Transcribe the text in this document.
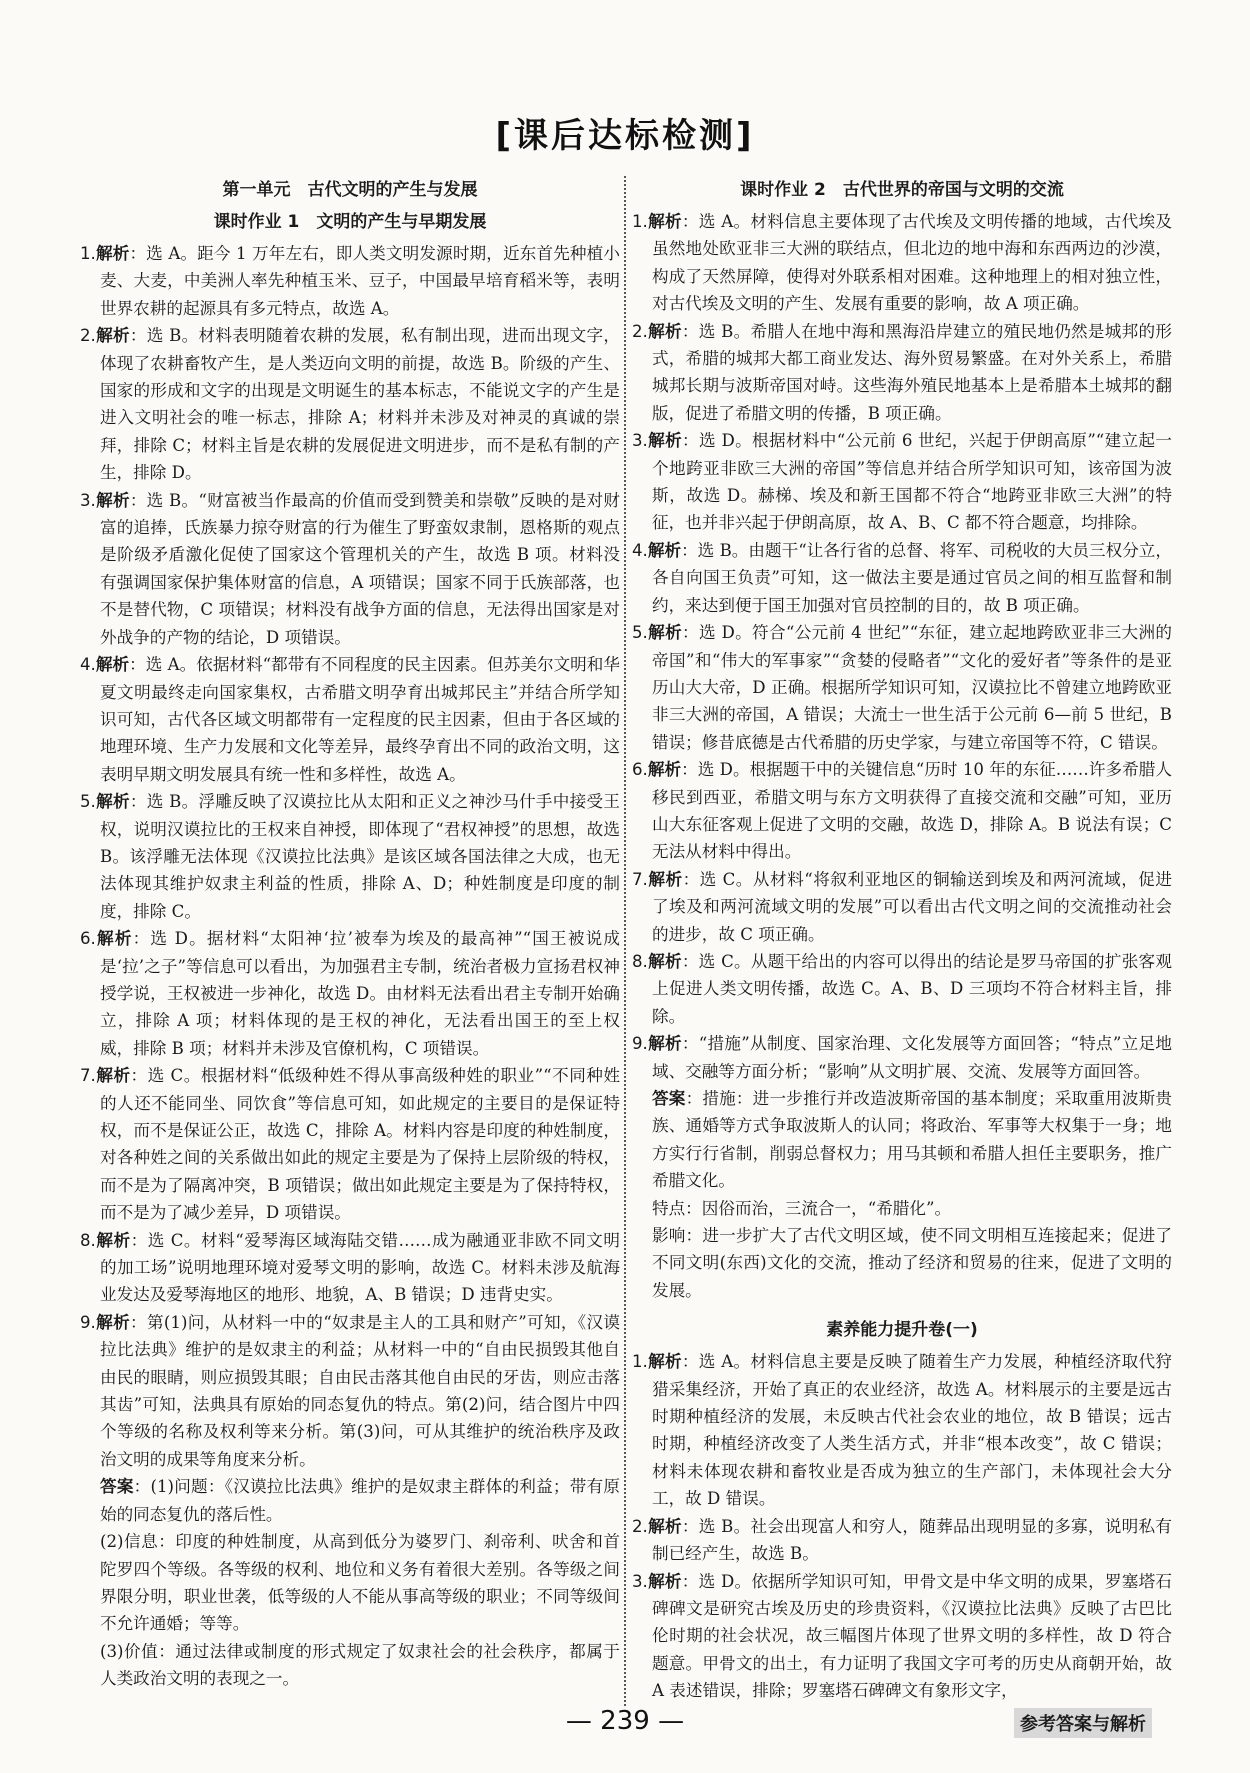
[课后达标检测]
第一单元　古代文明的产生与发展
课时作业 1　文明的产生与早期发展

1.解析：选 A。距今 1 万年左右，即人类文明发源时期，近东首先种植小麦、大麦，中美洲人率先种植玉米、豆子，中国最早培育稻米等，表明世界农耕的起源具有多元特点，故选 A。

2.解析：选 B。材料表明随着农耕的发展，私有制出现，进而出现文字，体现了农耕畜牧产生，是人类迈向文明的前提，故选 B。阶级的产生、国家的形成和文字的出现是文明诞生的基本标志，不能说文字的产生是进入文明社会的唯一标志，排除 A；材料并未涉及对神灵的真诚的崇拜，排除 C；材料主旨是农耕的发展促进文明进步，而不是私有制的产生，排除 D。

3.解析：选 B。“财富被当作最高的价值而受到赞美和崇敬”反映的是对财富的追捧，氏族暴力掠夺财富的行为催生了野蛮奴隶制，恩格斯的观点是阶级矛盾激化促使了国家这个管理机关的产生，故选 B 项。材料没有强调国家保护集体财富的信息，A 项错误；国家不同于氏族部落，也不是替代物，C 项错误；材料没有战争方面的信息，无法得出国家是对外战争的产物的结论，D 项错误。

4.解析：选 A。依据材料“都带有不同程度的民主因素。但苏美尔文明和华夏文明最终走向国家集权，古希腊文明孕育出城邦民主”并结合所学知识可知，古代各区域文明都带有一定程度的民主因素，但由于各区域的地理环境、生产力发展和文化等差异，最终孕育出不同的政治文明，这表明早期文明发展具有统一性和多样性，故选 A。

5.解析：选 B。浮雕反映了汉谟拉比从太阳和正义之神沙马什手中接受王权，说明汉谟拉比的王权来自神授，即体现了“君权神授”的思想，故选 B。该浮雕无法体现《汉谟拉比法典》是该区域各国法律之大成，也无法体现其维护奴隶主利益的性质，排除 A、D；种姓制度是印度的制度，排除 C。

6.解析：选 D。据材料“太阳神‘拉’被奉为埃及的最高神”“国王被说成是‘拉’之子”等信息可以看出，为加强君主专制，统治者极力宣扬君权神授学说，王权被进一步神化，故选 D。由材料无法看出君主专制开始确立，排除 A 项；材料体现的是王权的神化，无法看出国王的至上权威，排除 B 项；材料并未涉及官僚机构，C 项错误。

7.解析：选 C。根据材料“低级种姓不得从事高级种姓的职业”“不同种姓的人还不能同坐、同饮食”等信息可知，如此规定的主要目的是保证特权，而不是保证公正，故选 C，排除 A。材料内容是印度的种姓制度，对各种姓之间的关系做出如此的规定主要是为了保持上层阶级的特权，而不是为了隔离冲突，B 项错误；做出如此规定主要是为了保持特权，而不是为了减少差异，D 项错误。

8.解析：选 C。材料“爱琴海区域海陆交错……成为融通亚非欧不同文明的加工场”说明地理环境对爱琴文明的影响，故选 C。材料未涉及航海业发达及爱琴海地区的地形、地貌，A、B 错误；D 违背史实。

9.解析：第(1)问，从材料一中的“奴隶是主人的工具和财产”可知，《汉谟拉比法典》维护的是奴隶主的利益；从材料一中的“自由民损毁其他自由民的眼睛，则应损毁其眼；自由民击落其他自由民的牙齿，则应击落其齿”可知，法典具有原始的同态复仇的特点。第(2)问，结合图片中四个等级的名称及权利等来分析。第(3)问，可从其维护的统治秩序及政治文明的成果等角度来分析。

答案：(1)问题：《汉谟拉比法典》维护的是奴隶主群体的利益；带有原始的同态复仇的落后性。

(2)信息：印度的种姓制度，从高到低分为婆罗门、刹帝利、吠舍和首陀罗四个等级。各等级的权利、地位和义务有着很大差别。各等级之间界限分明，职业世袭，低等级的人不能从事高等级的职业；不同等级间不允许通婚；等等。

(3)价值：通过法律或制度的形式规定了奴隶社会的社会秩序，都属于人类政治文明的表现之一。

课时作业 2　古代世界的帝国与文明的交流

1.解析：选 A。材料信息主要体现了古代埃及文明传播的地域，古代埃及虽然地处欧亚非三大洲的联结点，但北边的地中海和东西两边的沙漠，构成了天然屏障，使得对外联系相对困难。这种地理上的相对独立性，对古代埃及文明的产生、发展有重要的影响，故 A 项正确。

2.解析：选 B。希腊人在地中海和黑海沿岸建立的殖民地仍然是城邦的形式，希腊的城邦大都工商业发达、海外贸易繁盛。在对外关系上，希腊城邦长期与波斯帝国对峙。这些海外殖民地基本上是希腊本土城邦的翻版，促进了希腊文明的传播，B 项正确。

3.解析：选 D。根据材料中“公元前 6 世纪，兴起于伊朗高原”“建立起一个地跨亚非欧三大洲的帝国”等信息并结合所学知识可知，该帝国为波斯，故选 D。赫梯、埃及和新王国都不符合“地跨亚非欧三大洲”的特征，也并非兴起于伊朗高原，故 A、B、C 都不符合题意，均排除。

4.解析：选 B。由题干“让各行省的总督、将军、司税收的大员三权分立，各自向国王负责”可知，这一做法主要是通过官员之间的相互监督和制约，来达到便于国王加强对官员控制的目的，故 B 项正确。

5.解析：选 D。符合“公元前 4 世纪”“东征，建立起地跨欧亚非三大洲的帝国”和“伟大的军事家”“贪婪的侵略者”“文化的爱好者”等条件的是亚历山大大帝，D 正确。根据所学知识可知，汉谟拉比不曾建立地跨欧亚非三大洲的帝国，A 错误；大流士一世生活于公元前 6—前 5 世纪，B 错误；修昔底德是古代希腊的历史学家，与建立帝国等不符，C 错误。

6.解析：选 D。根据题干中的关键信息“历时 10 年的东征……许多希腊人移民到西亚，希腊文明与东方文明获得了直接交流和交融”可知，亚历山大东征客观上促进了文明的交融，故选 D，排除 A。B 说法有误；C 无法从材料中得出。

7.解析：选 C。从材料“将叙利亚地区的铜输送到埃及和两河流域，促进了埃及和两河流域文明的发展”可以看出古代文明之间的交流推动社会的进步，故 C 项正确。

8.解析：选 C。从题干给出的内容可以得出的结论是罗马帝国的扩张客观上促进人类文明传播，故选 C。A、B、D 三项均不符合材料主旨，排除。

9.解析：“措施”从制度、国家治理、文化发展等方面回答；“特点”立足地域、交融等方面分析；“影响”从文明扩展、交流、发展等方面回答。

答案：措施：进一步推行并改造波斯帝国的基本制度；采取重用波斯贵族、通婚等方式争取波斯人的认同；将政治、军事等大权集于一身；地方实行行省制，削弱总督权力；用马其顿和希腊人担任主要职务，推广希腊文化。

特点：因俗而治，三流合一，“希腊化”。

影响：进一步扩大了古代文明区域，使不同文明相互连接起来；促进了不同文明(东西)文化的交流，推动了经济和贸易的往来，促进了文明的发展。

素养能力提升卷(一)

1.解析：选 A。材料信息主要是反映了随着生产力发展，种植经济取代狩猎采集经济，开始了真正的农业经济，故选 A。材料展示的主要是远古时期种植经济的发展，未反映古代社会农业的地位，故 B 错误；远古时期，种植经济改变了人类生活方式，并非“根本改变”，故 C 错误；材料未体现农耕和畜牧业是否成为独立的生产部门，未体现社会大分工，故 D 错误。

2.解析：选 B。社会出现富人和穷人，随葬品出现明显的多寡，说明私有制已经产生，故选 B。

3.解析：选 D。依据所学知识可知，甲骨文是中华文明的成果，罗塞塔石碑碑文是研究古埃及历史的珍贵资料，《汉谟拉比法典》反映了古巴比伦时期的社会状况，故三幅图片体现了世界文明的多样性，故 D 符合题意。甲骨文的出土，有力证明了我国文字可考的历史从商朝开始，故 A 表述错误，排除；罗塞塔石碑碑文有象形文字，

— 239 —	参考答案与解析
